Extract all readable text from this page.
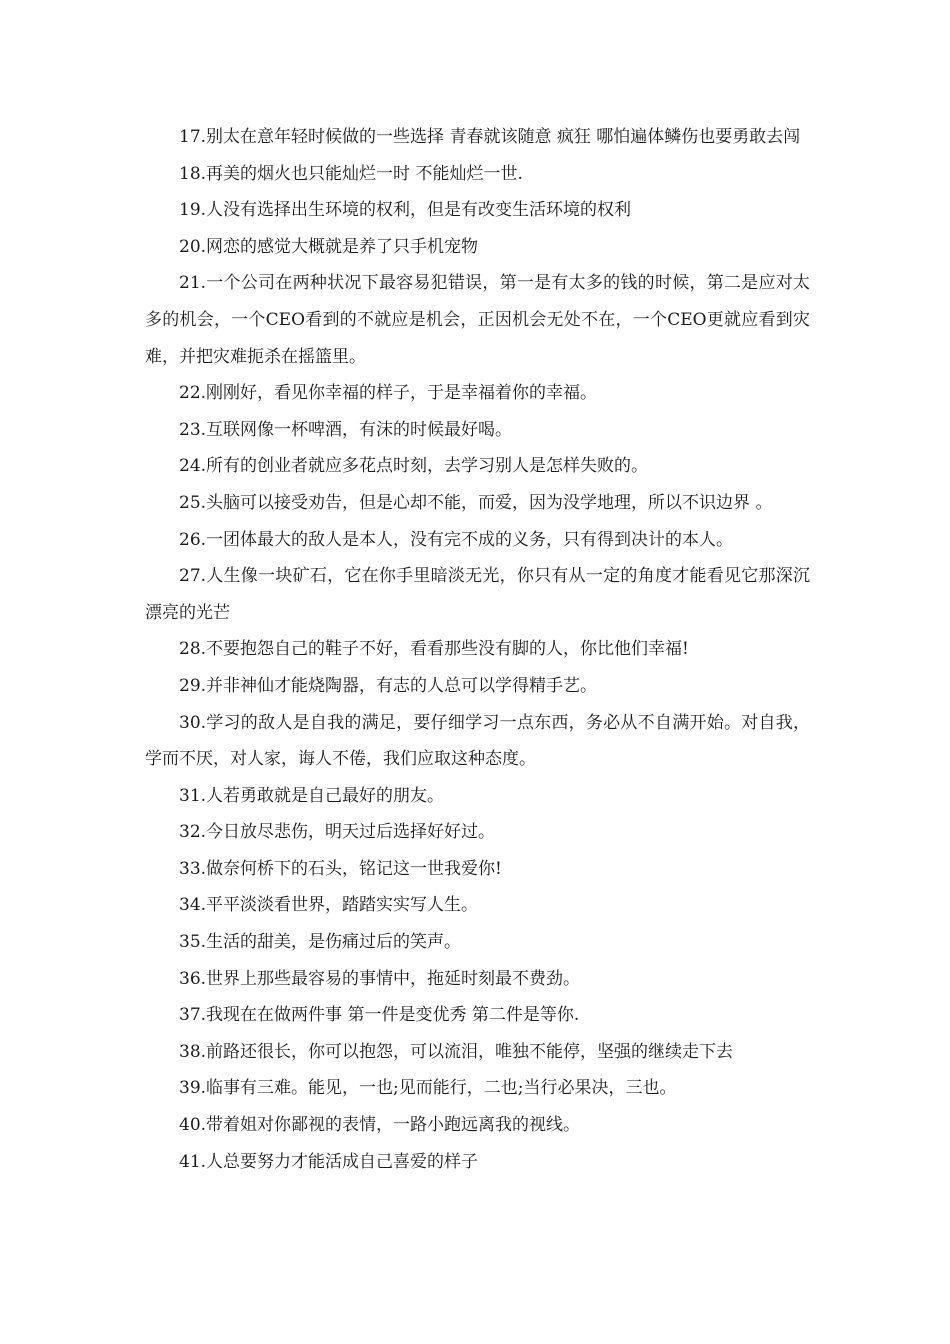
17.别太在意年轻时候做的一些选择 青春就该随意 疯狂 哪怕遍体鳞伤也要勇敢去闯

18.再美的烟火也只能灿烂一时 不能灿烂一世.

19.人没有选择出生环境的权利，但是有改变生活环境的权利

20.网恋的感觉大概就是养了只手机宠物

21.一个公司在两种状况下最容易犯错误，第一是有太多的钱的时候，第二是应对太多的机会，一个CEO看到的不就应是机会，正因机会无处不在，一个CEO更就应看到灾难，并把灾难扼杀在摇篮里。

22.刚刚好，看见你幸福的样子，于是幸福着你的幸福。

23.互联网像一杯啤酒，有沫的时候最好喝。

24.所有的创业者就应多花点时刻，去学习别人是怎样失败的。

25.头脑可以接受劝告，但是心却不能，而爱，因为没学地理，所以不识边界 。

26.一团体最大的敌人是本人，没有完不成的义务，只有得到决计的本人。

27.人生像一块矿石，它在你手里暗淡无光，你只有从一定的角度才能看见它那深沉漂亮的光芒

28.不要抱怨自己的鞋子不好，看看那些没有脚的人，你比他们幸福!

29.并非神仙才能烧陶器，有志的人总可以学得精手艺。

30.学习的敌人是自我的满足，要仔细学习一点东西，务必从不自满开始。对自我，学而不厌，对人家，诲人不倦，我们应取这种态度。

31.人若勇敢就是自己最好的朋友。

32.今日放尽悲伤，明天过后选择好好过。

33.做奈何桥下的石头，铭记这一世我爱你!

34.平平淡淡看世界，踏踏实实写人生。

35.生活的甜美，是伤痛过后的笑声。

36.世界上那些最容易的事情中，拖延时刻最不费劲。

37.我现在在做两件事 第一件是变优秀 第二件是等你.

38.前路还很长，你可以抱怨，可以流泪，唯独不能停，坚强的继续走下去

39.临事有三难。能见，一也;见而能行，二也;当行必果决，三也。

40.带着姐对你鄙视的表情，一路小跑远离我的视线。

41.人总要努力才能活成自己喜爱的样子
